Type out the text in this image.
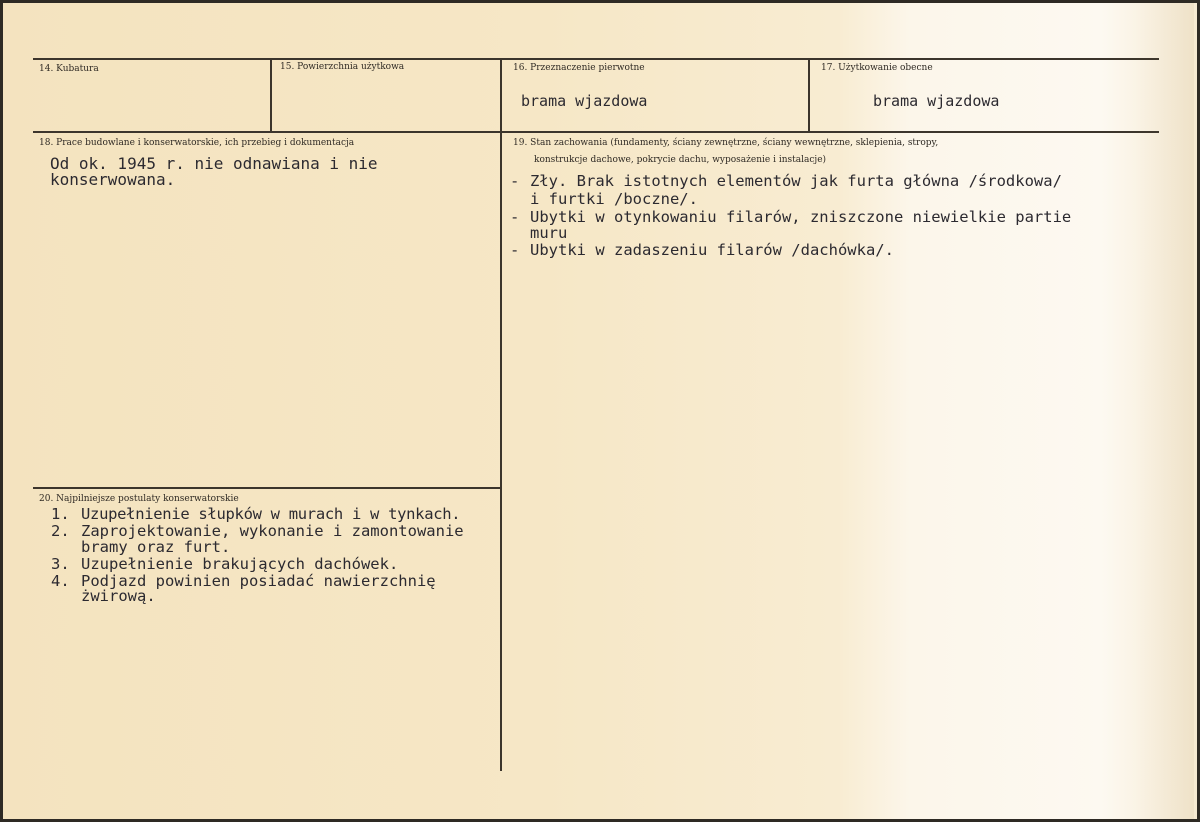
14. Kubatura	15. Powierzchnia użytkowa	16. Przeznaczenie pierwotne
brama wjazdowa
17. Użytkowanie obecne
brama wjazdowa
18. Prace budowlane i konserwatorskie, ich przebieg i dokumentacja
Od ok. 1945 r. nie odnawiana i nie
konserwowana.
19. Stan zachowania (fundamenty, ściany zewnętrzne, ściany wewnętrzne, sklepienia, stropy,
konstrukcje dachowe, pokrycie dachu, wyposażenie i instalacje)
- Zły. Brak istotnych elementów jak furta główna /środkowa/
i furtki /boczne/.
- Ubytki w otynkowaniu filarów, zniszczone niewielkie partie
muru
- Ubytki w zadaszeniu filarów /dachówka/.
20. Najpilniejsze postulaty konserwatorskie
1. Uzupełnienie słupków w murach i w tynkach.
2. Zaprojektowanie, wykonanie i zamontowanie
bramy oraz furt.
3. Uzupełnienie brakujących dachówek.
4. Podjazd powinien posiadać nawierzchnię
żwirową.
